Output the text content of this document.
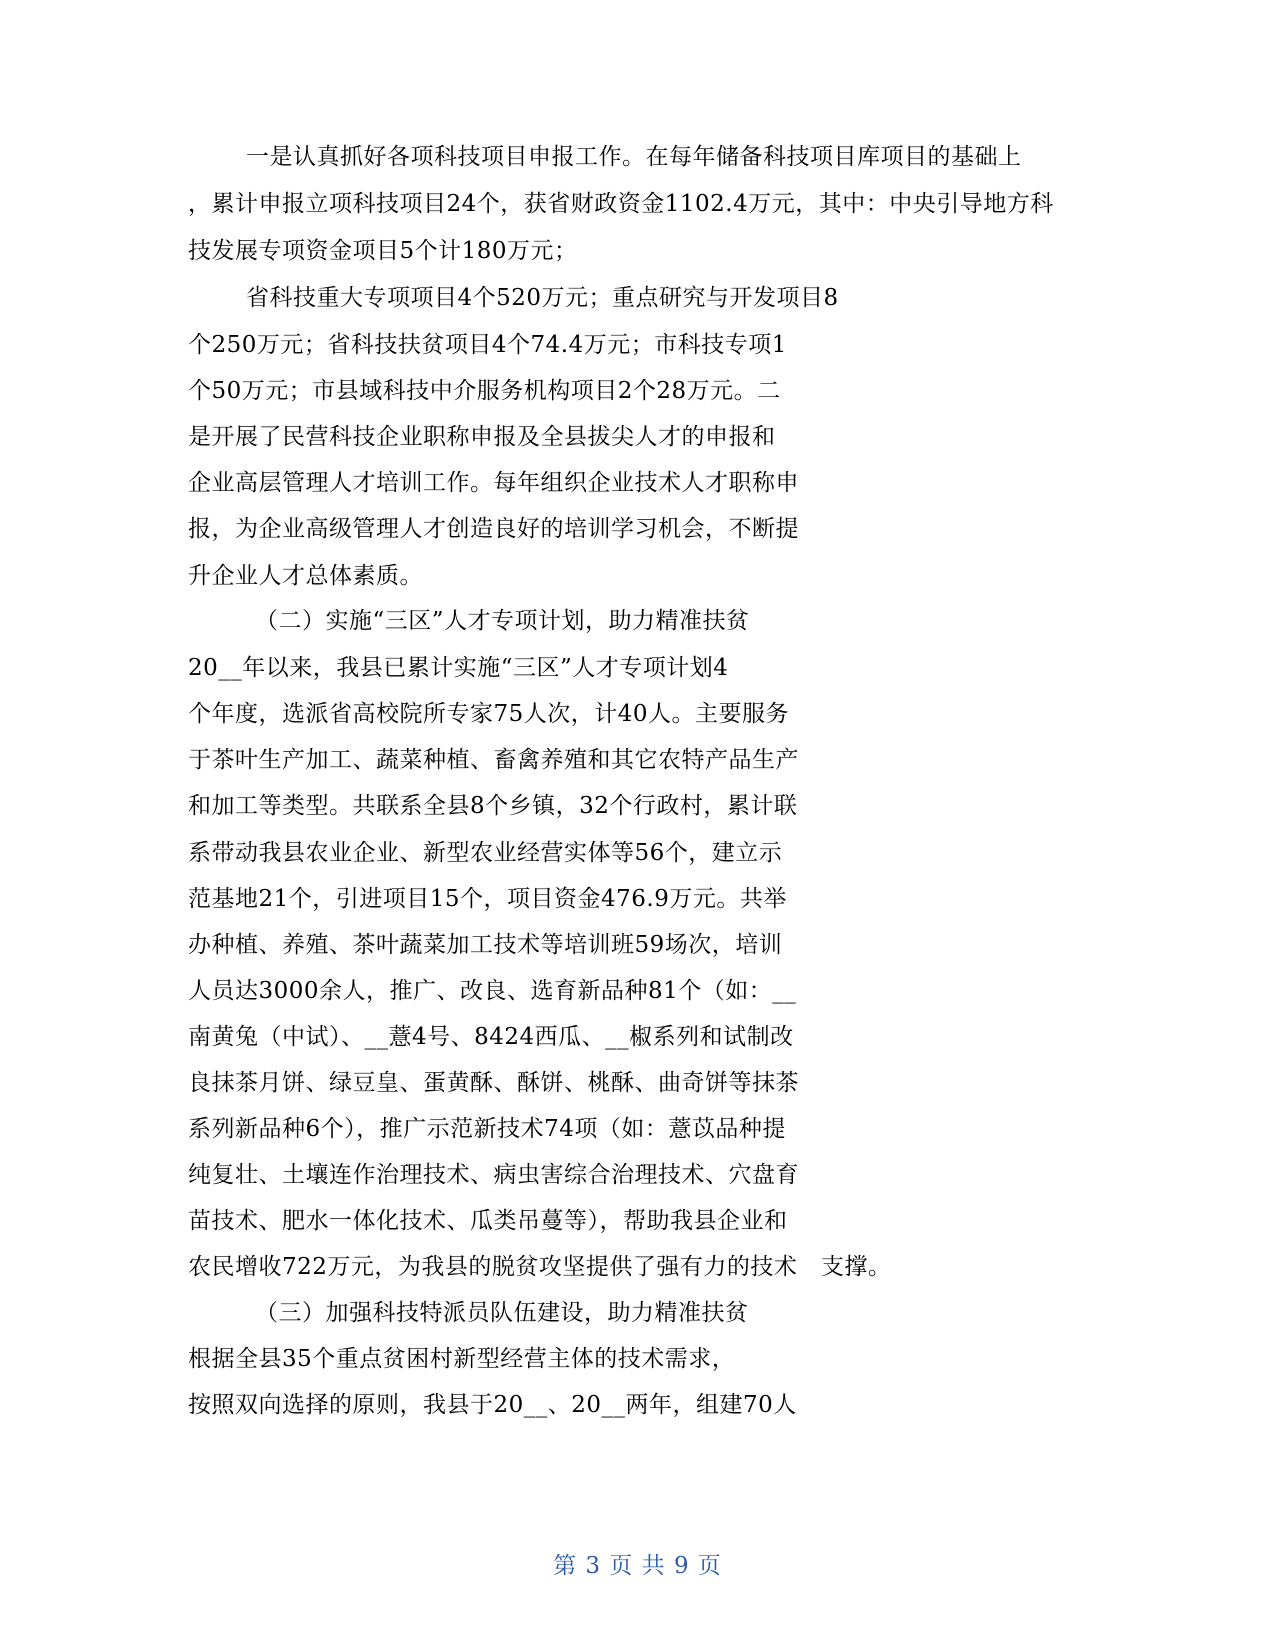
一是认真抓好各项科技项目申报工作。在每年储备科技项目库项目的基础上
，累计申报立项科技项目24个，获省财政资金1102.4万元，其中：中央引导地方科
技发展专项资金项目5个计180万元；
省科技重大专项项目4个520万元；重点研究与开发项目8
个250万元；省科技扶贫项目4个74.4万元；市科技专项1
个50万元；市县域科技中介服务机构项目2个28万元。二
是开展了民营科技企业职称申报及全县拔尖人才的申报和
企业高层管理人才培训工作。每年组织企业技术人才职称申
报，为企业高级管理人才创造良好的培训学习机会，不断提
升企业人才总体素质。
（二）实施“三区”人才专项计划，助力精准扶贫
20__年以来，我县已累计实施“三区”人才专项计划4
个年度，选派省高校院所专家75人次，计40人。主要服务
于茶叶生产加工、蔬菜种植、畜禽养殖和其它农特产品生产
和加工等类型。共联系全县8个乡镇，32个行政村，累计联
系带动我县农业企业、新型农业经营实体等56个，建立示
范基地21个，引进项目15个，项目资金476.9万元。共举
办种植、养殖、茶叶蔬菜加工技术等培训班59场次，培训
人员达3000余人，推广、改良、选育新品种81个（如：__
南黄兔（中试）、__薏4号、8424西瓜、__椒系列和试制改
良抹茶月饼、绿豆皇、蛋黄酥、酥饼、桃酥、曲奇饼等抹茶
系列新品种6个），推广示范新技术74项（如：薏苡品种提
纯复壮、土壤连作治理技术、病虫害综合治理技术、穴盘育
苗技术、肥水一体化技术、瓜类吊蔓等），帮助我县企业和
农民增收722万元，为我县的脱贫攻坚提供了强有力的技术　支撑。
（三）加强科技特派员队伍建设，助力精准扶贫
根据全县35个重点贫困村新型经营主体的技术需求，
按照双向选择的原则，我县于20__、20__两年，组建70人
第 3 页 共 9 页
